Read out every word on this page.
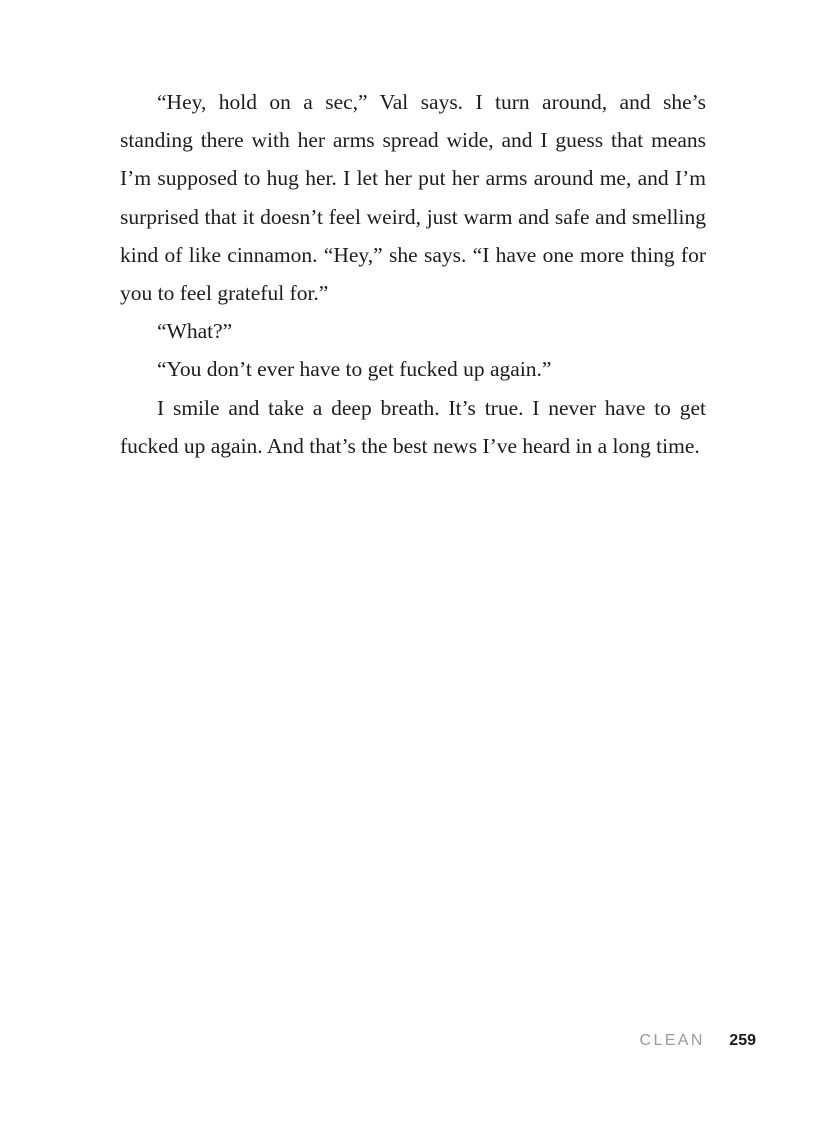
“Hey, hold on a sec,” Val says. I turn around, and she’s standing there with her arms spread wide, and I guess that means I’m supposed to hug her. I let her put her arms around me, and I’m surprised that it doesn’t feel weird, just warm and safe and smelling kind of like cinnamon. “Hey,” she says. “I have one more thing for you to feel grateful for.”

“What?”

“You don’t ever have to get fucked up again.”

I smile and take a deep breath. It’s true. I never have to get fucked up again. And that’s the best news I’ve heard in a long time.

CLEAN 259
